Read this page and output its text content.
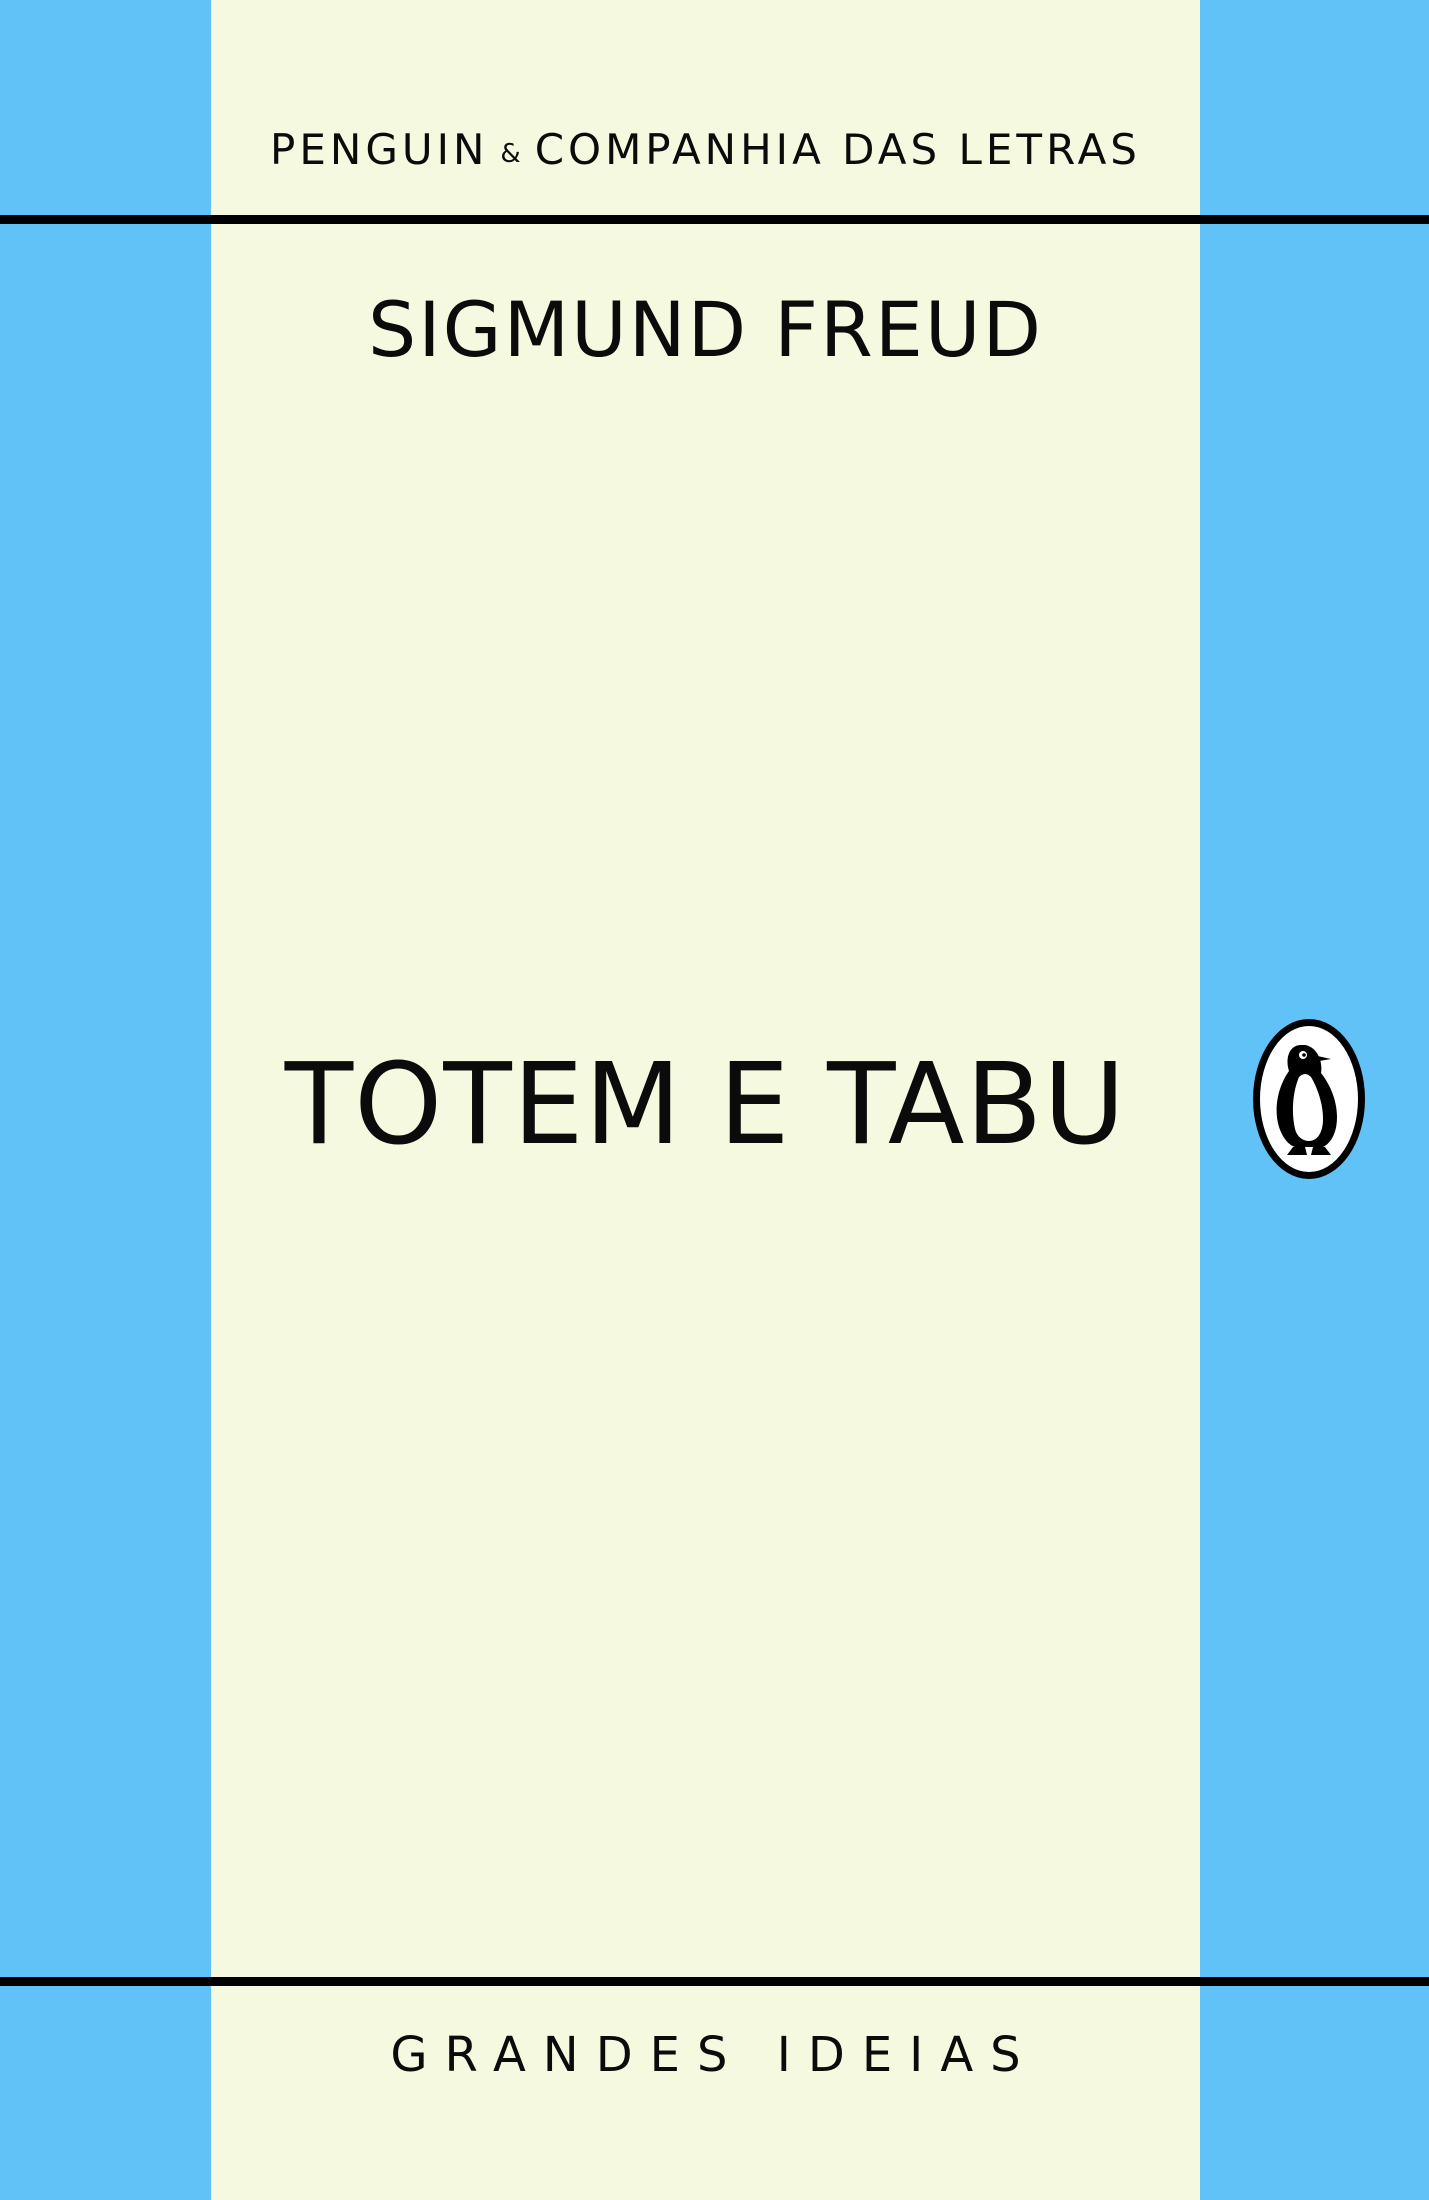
PENGUIN & COMPANHIA DAS LETRAS
SIGMUND FREUD
TOTEM E TABU
GRANDES IDEIAS
